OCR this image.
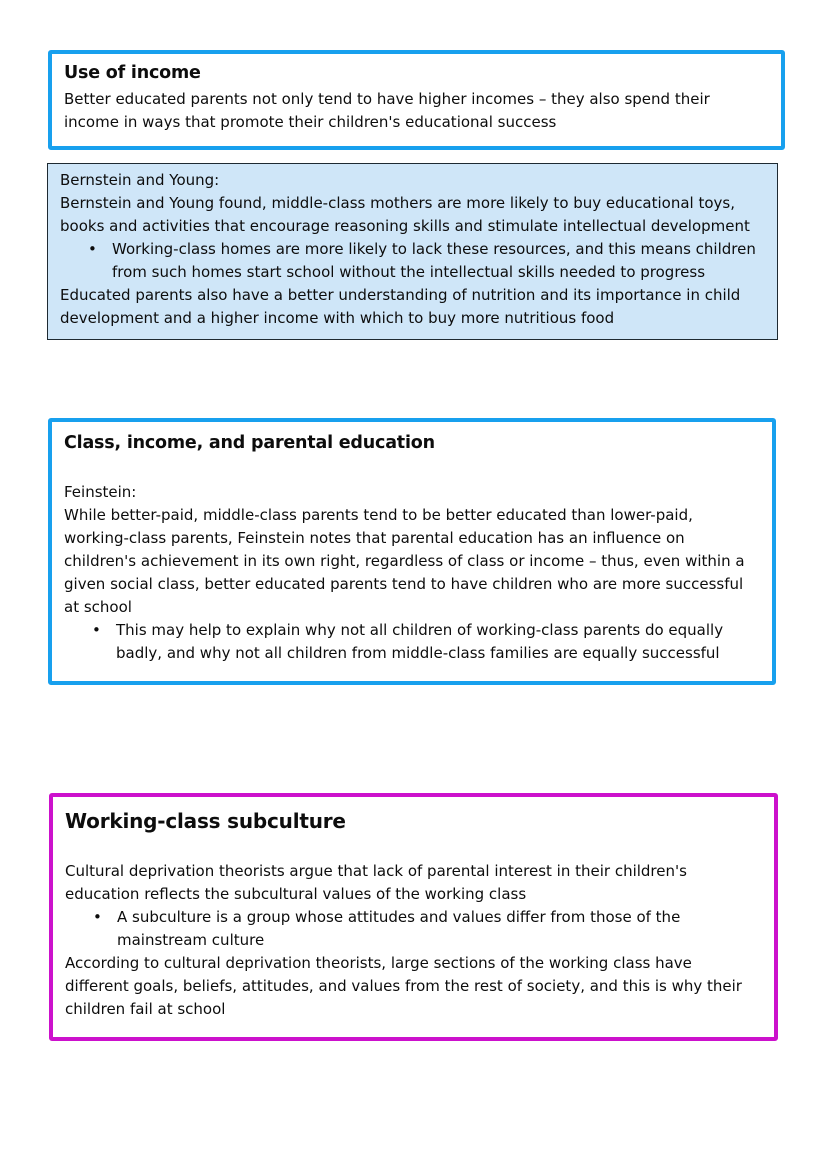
Use of income

Better educated parents not only tend to have higher incomes – they also spend their income in ways that promote their children's educational success

Bernstein and Young:

Bernstein and Young found, middle-class mothers are more likely to buy educational toys, books and activities that encourage reasoning skills and stimulate intellectual development

•	Working-class homes are more likely to lack these resources, and this means children from such homes start school without the intellectual skills needed to progress

Educated parents also have a better understanding of nutrition and its importance in child development and a higher income with which to buy more nutritious food

Class, income, and parental education

Feinstein:

While better-paid, middle-class parents tend to be better educated than lower-paid, working-class parents, Feinstein notes that parental education has an influence on children's achievement in its own right, regardless of class or income – thus, even within a given social class, better educated parents tend to have children who are more successful at school

•	This may help to explain why not all children of working-class parents do equally badly, and why not all children from middle-class families are equally successful
Working-class subculture

Cultural deprivation theorists argue that lack of parental interest in their children's education reflects the subcultural values of the working class

•	A subculture is a group whose attitudes and values differ from those of the mainstream culture

According to cultural deprivation theorists, large sections of the working class have different goals, beliefs, attitudes, and values from the rest of society, and this is why their children fail at school
